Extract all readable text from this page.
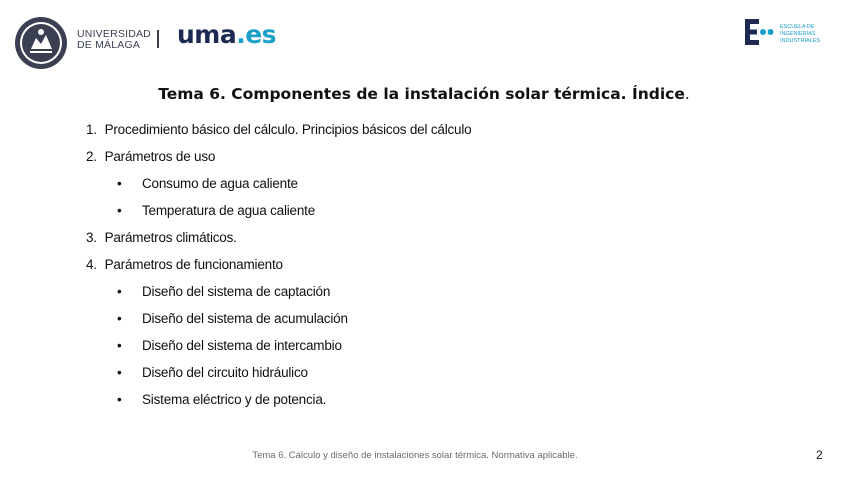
UNIVERSIDAD
DE MÁLAGA	uma.es	ESCUELA DE
INGENIERÍAS
INDUSTRIALES
Tema 6. Componentes de la instalación solar térmica. Índice.
1. Procedimiento básico del cálculo. Principios básicos del cálculo
2. Parámetros de uso
• Consumo de agua caliente
• Temperatura de agua caliente
3. Parámetros climáticos.
4. Parámetros de funcionamiento
• Diseño del sistema de captación
• Diseño del sistema de acumulación
• Diseño del sistema de intercambio
• Diseño del circuito hidráulico
• Sistema eléctrico y de potencia.
Tema 6. Cálculo y diseño de instalaciones solar térmica. Normativa aplicable.	2
